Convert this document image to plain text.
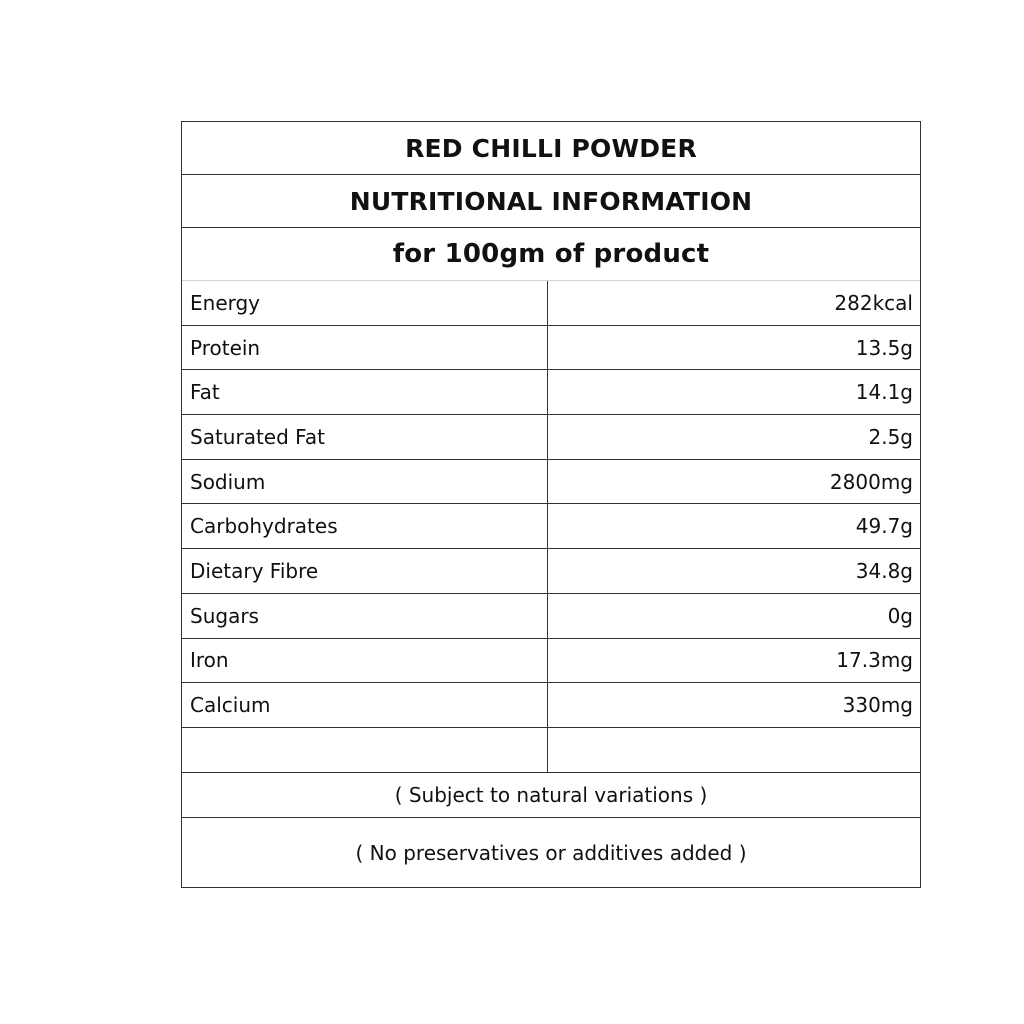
RED CHILLI POWDER
NUTRITIONAL INFORMATION
for 100gm of product
Energy	282kcal
Protein	13.5g
Fat	14.1g
Saturated Fat	2.5g
Sodium	2800mg
Carbohydrates	49.7g
Dietary Fibre	34.8g
Sugars	0g
Iron	17.3mg
Calcium	330mg
( Subject to natural variations )
( No preservatives or additives added )
